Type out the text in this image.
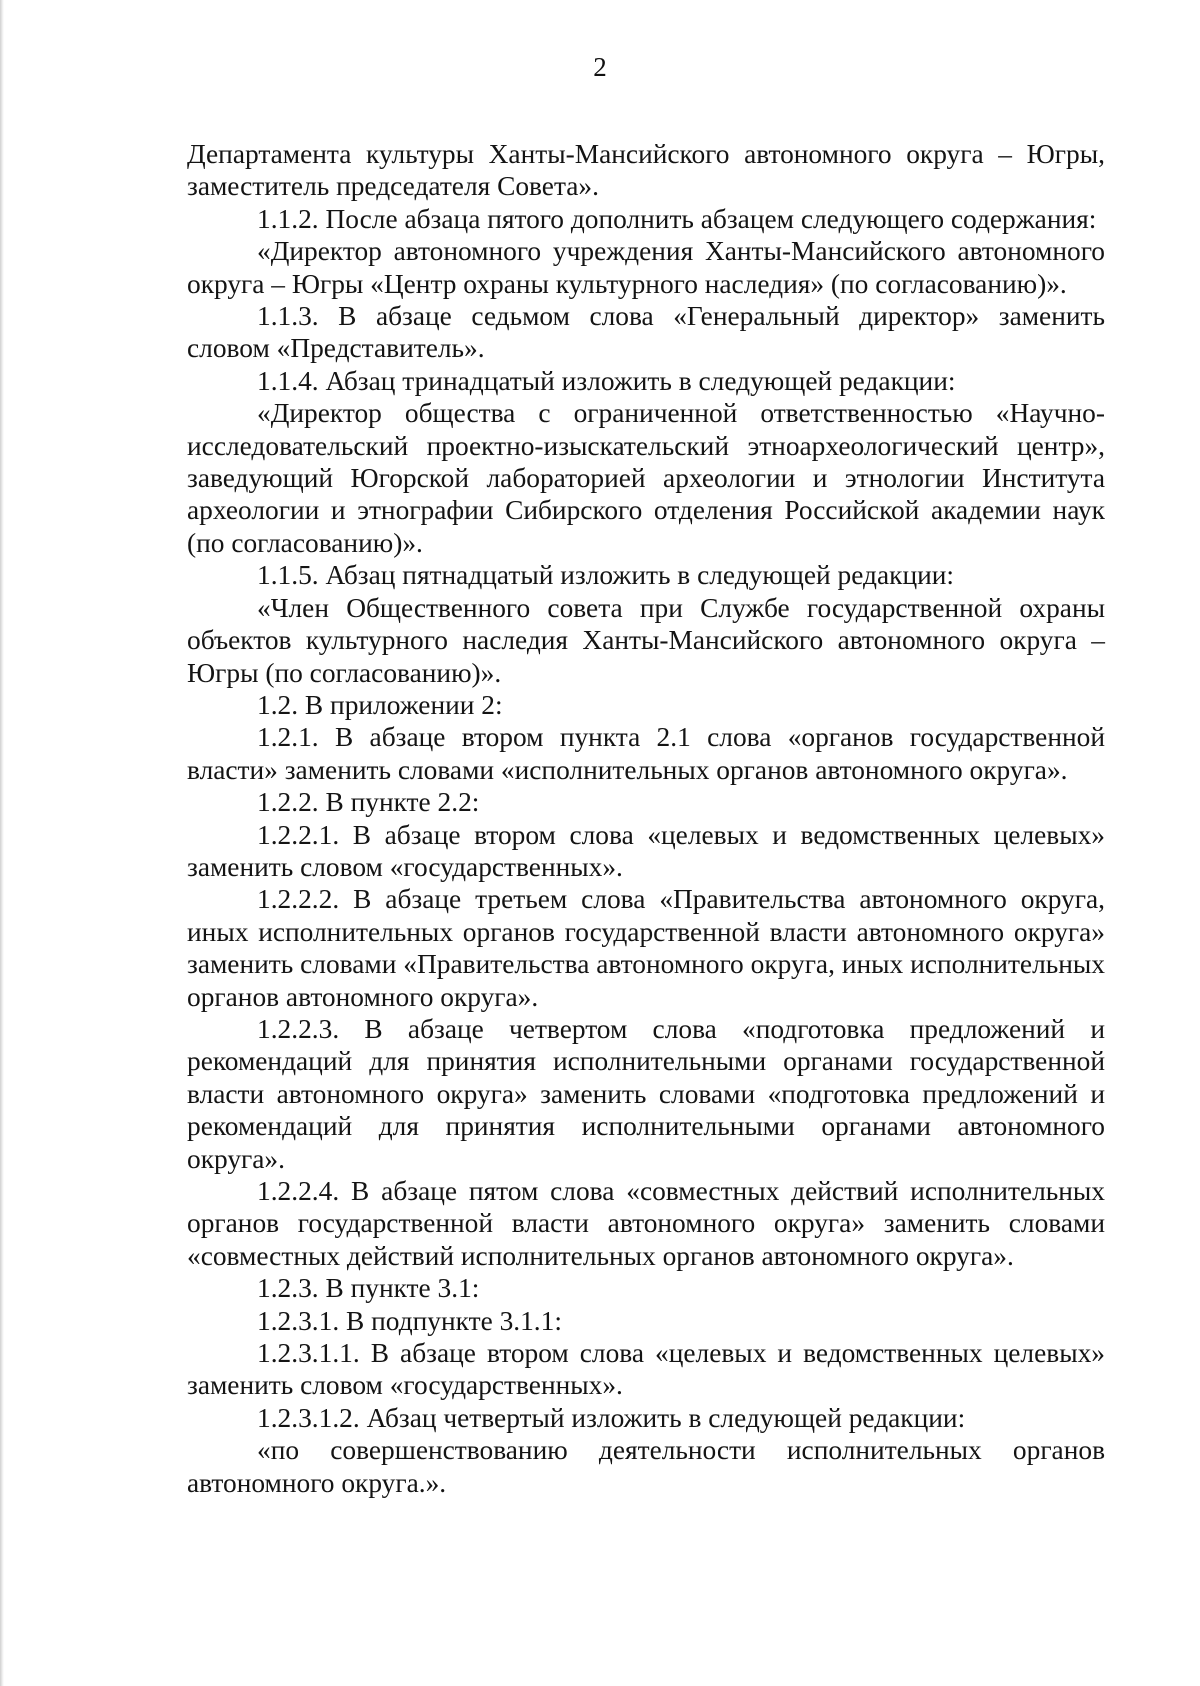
2

Департамента культуры Ханты-Мансийского автономного округа – Югры, заместитель председателя Совета».

1.1.2. После абзаца пятого дополнить абзацем следующего содержания:

«Директор автономного учреждения Ханты-Мансийского автономного округа – Югры «Центр охраны культурного наследия» (по согласованию)».

1.1.3. В абзаце седьмом слова «Генеральный директор» заменить словом «Представитель».

1.1.4. Абзац тринадцатый изложить в следующей редакции:

«Директор общества с ограниченной ответственностью «Научно-исследовательский проектно-изыскательский этноархеологический центр», заведующий Югорской лабораторией археологии и этнологии Института археологии и этнографии Сибирского отделения Российской академии наук (по согласованию)».

1.1.5. Абзац пятнадцатый изложить в следующей редакции:

«Член Общественного совета при Службе государственной охраны объектов культурного наследия Ханты-Мансийского автономного округа – Югры (по согласованию)».

1.2. В приложении 2:

1.2.1. В абзаце втором пункта 2.1 слова «органов государственной власти» заменить словами «исполнительных органов автономного округа».

1.2.2. В пункте 2.2:

1.2.2.1. В абзаце втором слова «целевых и ведомственных целевых» заменить словом «государственных».

1.2.2.2. В абзаце третьем слова «Правительства автономного округа, иных исполнительных органов государственной власти автономного округа» заменить словами «Правительства автономного округа, иных исполнительных органов автономного округа».

1.2.2.3. В абзаце четвертом слова «подготовка предложений и рекомендаций для принятия исполнительными органами государственной власти автономного округа» заменить словами «подготовка предложений и рекомендаций для принятия исполнительными органами автономного округа».

1.2.2.4. В абзаце пятом слова «совместных действий исполнительных органов государственной власти автономного округа» заменить словами «совместных действий исполнительных органов автономного округа».

1.2.3. В пункте 3.1:

1.2.3.1. В подпункте 3.1.1:

1.2.3.1.1. В абзаце втором слова «целевых и ведомственных целевых» заменить словом «государственных».

1.2.3.1.2. Абзац четвертый изложить в следующей редакции:

«по совершенствованию деятельности исполнительных органов автономного округа.».
